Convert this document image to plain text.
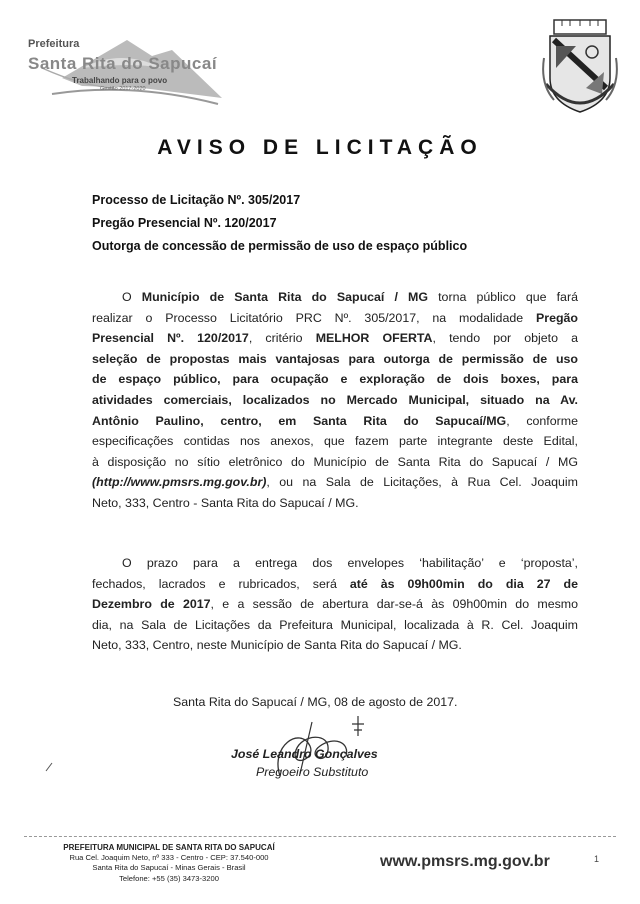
Prefeitura
Santa Rita do Sapucaí
Trabalhando para o povo
Gestão 2017-2020
AVISO DE LICITAÇÃO
Processo de Licitação Nº. 305/2017
Pregão Presencial Nº. 120/2017
Outorga de concessão de permissão de uso de espaço público
O Município de Santa Rita do Sapucaí / MG torna público que fará
realizar o Processo Licitatório PRC Nº. 305/2017, na modalidade Pregão
Presencial Nº. 120/2017, critério MELHOR OFERTA, tendo por objeto a
seleção de propostas mais vantajosas para outorga de permissão de uso
de espaço público, para ocupação e exploração de dois boxes, para
atividades comerciais, localizados no Mercado Municipal, situado na Av.
Antônio Paulino, centro, em Santa Rita do Sapucaí/MG, conforme
especificações contidas nos anexos, que fazem parte integrante deste Edital,
à disposição no sítio eletrônico do Município de Santa Rita do Sapucaí / MG
(http://www.pmsrs.mg.gov.br), ou na Sala de Licitações, à Rua Cel. Joaquim
Neto, 333, Centro - Santa Rita do Sapucaí / MG.
O prazo para a entrega dos envelopes ‘habilitação’ e ‘proposta’,
fechados, lacrados e rubricados, será até às 09h00min do dia 27 de
Dezembro de 2017, e a sessão de abertura dar-se-á às 09h00min do mesmo
dia, na Sala de Licitações da Prefeitura Municipal, localizada à R. Cel. Joaquim
Neto, 333, Centro, neste Município de Santa Rita do Sapucaí / MG.
Santa Rita do Sapucaí / MG, 08 de agosto de 2017.
José Leandro Gonçalves
Pregoeiro Substituto
PREFEITURA MUNICIPAL DE SANTA RITA DO SAPUCAÍ
Rua Cel. Joaquim Neto, nº 333 - Centro - CEP: 37.540-000
Santa Rita do Sapucaí - Minas Gerais - Brasil
Telefone: +55 (35) 3473-3200
www.pmsrs.mg.gov.br	1
